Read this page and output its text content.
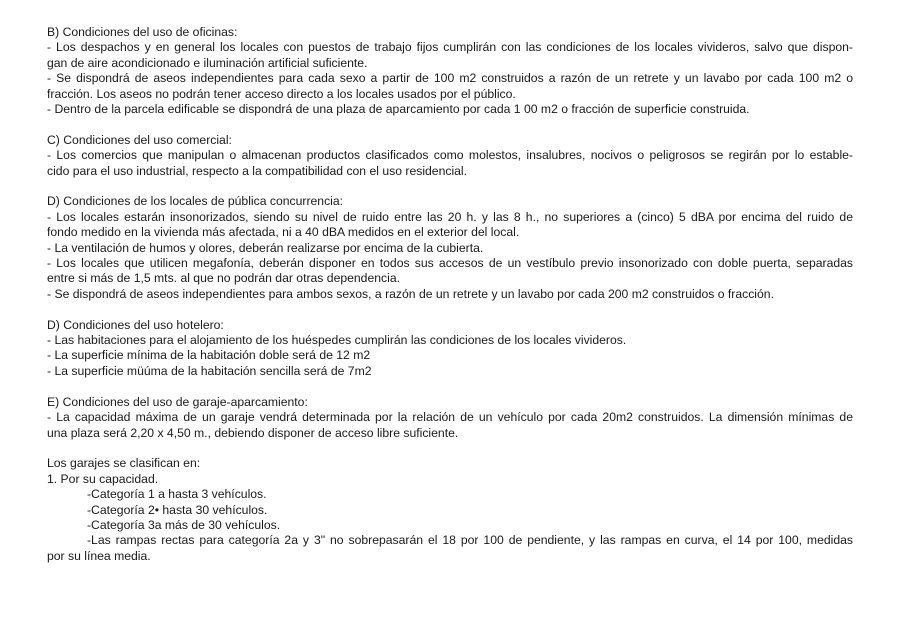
B) Condiciones del uso de oficinas:
- Los despachos y en general los locales con puestos de trabajo fijos cumplirán con las condiciones de los locales vivideros, salvo que dispon-
gan de aire acondicionado e iluminación artificial suficiente.
- Se dispondrá de aseos independientes para cada sexo a partir de 100 m2 construidos a razón de un retrete y un lavabo por cada 100 m2 o
fracción. Los aseos no podrán tener acceso directo a los locales usados por el público.
- Dentro de la parcela edificable se dispondrá de una plaza de aparcamiento por cada 1 00 m2 o fracción de superficie construida.
C) Condiciones del uso comercial:
- Los comercios que manipulan o almacenan productos clasificados como molestos, insalubres, nocivos o peligrosos se regirán por lo estable-
cido para el uso industrial, respecto a la compatibilidad con el uso residencial.
D) Condiciones de los locales de pública concurrencia:
- Los locales estarán insonorizados, siendo su nivel de ruido entre las 20 h. y las 8 h., no superiores a (cinco) 5 dBA por encima del ruido de
fondo medido en la vivienda más afectada, ni a 40 dBA medidos en el exterior del local.
- La ventilación de humos y olores, deberán realizarse por encima de la cubierta.
- Los locales que utilicen megafonía, deberán disponer en todos sus accesos de un vestíbulo previo insonorizado con doble puerta, separadas
entre si más de 1,5 mts. al que no podrán dar otras dependencia.
- Se dispondrá de aseos independientes para ambos sexos, a razón de un retrete y un lavabo por cada 200 m2 construidos o fracción.
D) Condiciones del uso hotelero:
- Las habitaciones para el alojamiento de los huéspedes cumplirán las condiciones de los locales vivideros.
- La superficie mínima de la habitación doble será de 12 m2
- La superficie müúma de la habitación sencilla será de 7m2
E) Condiciones del uso de garaje-aparcamiento:
- La capacidad máxima de un garaje vendrá determinada por la relación de un vehículo por cada 20m2 construidos. La dimensión mínimas de
una plaza será 2,20 x 4,50 m., debiendo disponer de acceso libre suficiente.
Los garajes se clasifican en:
1. Por su capacidad.
-Categoría 1 a hasta 3 vehículos.
-Categoría 2• hasta 30 vehículos.
-Categoría 3a más de 30 vehículos.
-Las rampas rectas para categoría 2a y 3" no sobrepasarán el 18 por 100 de pendiente, y las rampas en curva, el 14 por 100, medidas
por su línea media.
